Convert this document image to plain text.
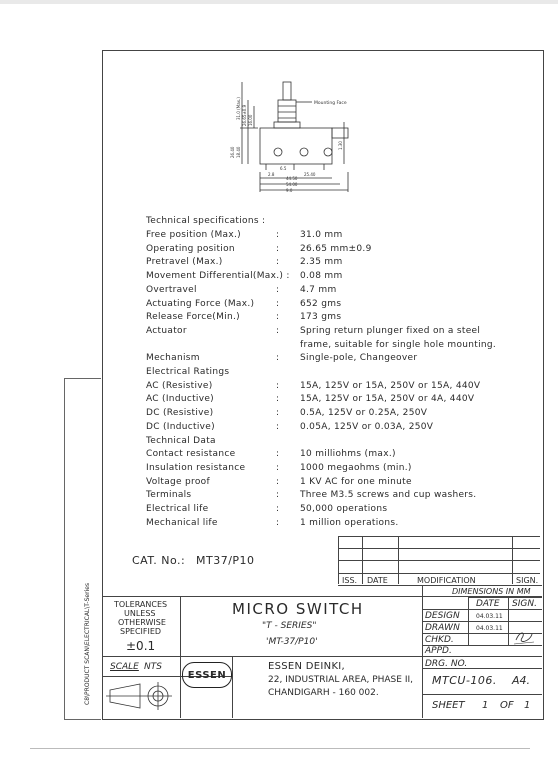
C8\PRODUCT SCAN\ELECTRICAL\T-Series
Mounting Face
44.50
54.00
9.0
2.8
6.5
25.40
31.0 (Max.) 26.65±0.9 16.00
26.40 18.40
1.30
Technical specifications :
Free position (Max.)	: 31.0 mm
Operating position	: 26.65 mm±0.9
Pretravel (Max.)	: 2.35 mm
Movement Differential(Max.) : 0.08 mm
Overtravel	: 4.7 mm
Actuating Force (Max.) : 652 gms
Release Force(Min.)	: 173 gms
Actuator	: Spring return plunger fixed on a steel
frame, suitable for single hole mounting.
Mechanism	: Single-pole, Changeover
Electrical Ratings
AC (Resistive)	: 15A, 125V or 15A, 250V or 15A, 440V
AC (Inductive)	: 15A, 125V or 15A, 250V or 4A, 440V
DC (Resistive)	: 0.5A, 125V or 0.25A, 250V
DC (Inductive)	: 0.05A, 125V or 0.03A, 250V
Technical Data
Contact resistance	: 10 milliohms (max.)
Insulation resistance	: 1000 megaohms (min.)
Voltage proof	: 1 KV AC for one minute
Terminals	: Three M3.5 screws and cup washers.
Electrical life	: 50,000 operations
Mechanical life	: 1 million operations.
CAT. No.: MT37/P10
ISS. DATE	MODIFICATION	SIGN.
TOLERANCES
UNLESS
OTHERWISE
SPECIFIED
±0.1
MICRO SWITCH
"T - SERIES"
'MT-37/P10'
DIMENSIONS IN MM
DATE SIGN.
DESIGN	04.03.11
DRAWN	04.03.11
CHKD.
APPD.
SCALE NTS
ESSEN
ESSEN DEINKI,
22, INDUSTRIAL AREA, PHASE II,
CHANDIGARH - 160 002.
DRG. NO.
MTCU-106. A4.
SHEET 1 OF 1
